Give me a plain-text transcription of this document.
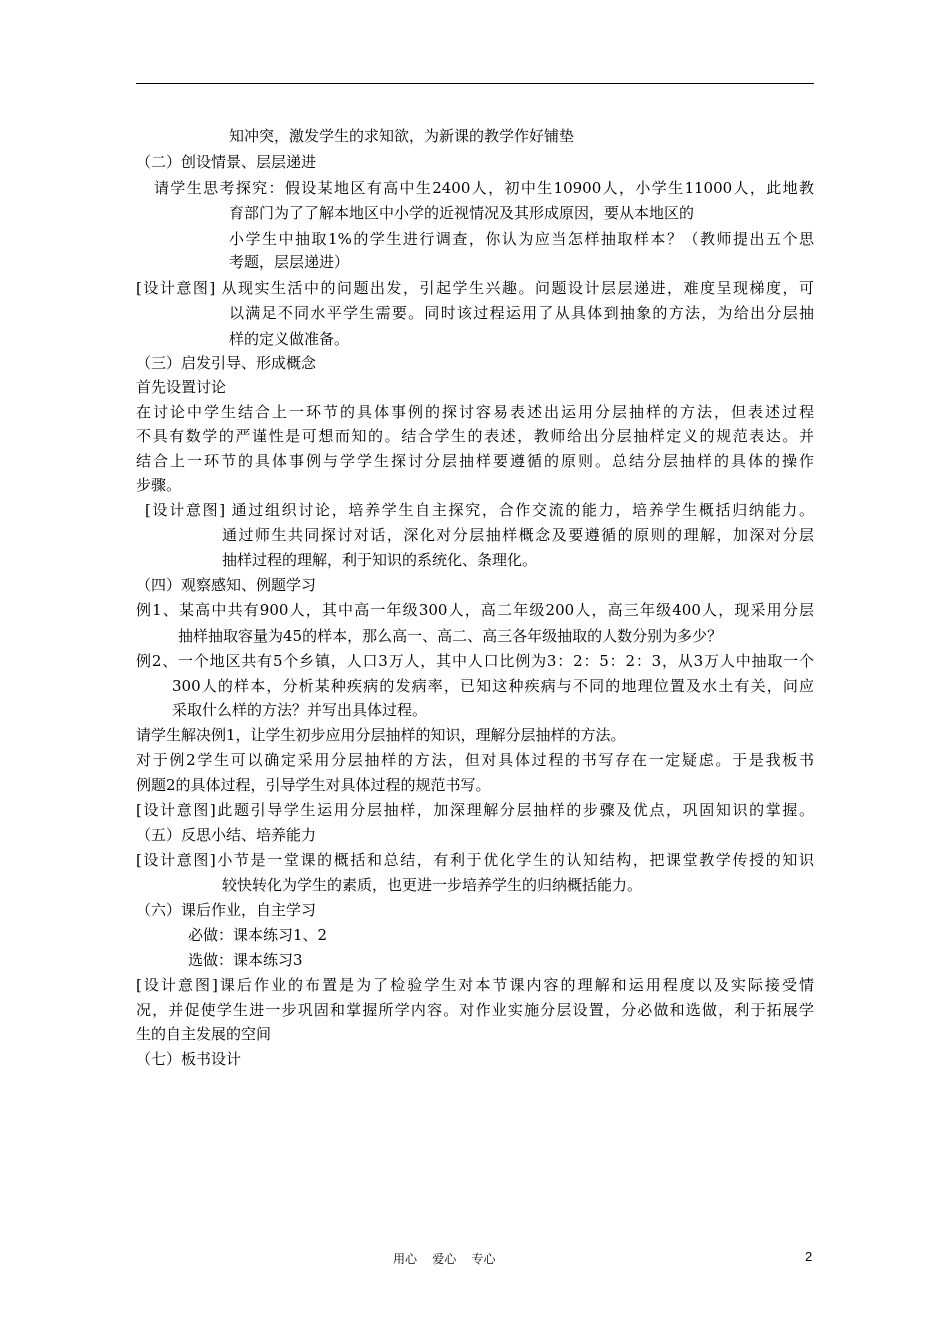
知冲突，激发学生的求知欲，为新课的教学作好铺垫
（二）创设情景、层层递进
请学生思考探究：假设某地区有高中生2400人，初中生10900人，小学生11000人，此地教
育部门为了了解本地区中小学的近视情况及其形成原因，要从本地区的
小学生中抽取1%的学生进行调查，你认为应当怎样抽取样本？（教师提出五个思
考题，层层递进）
[设计意图] 从现实生活中的问题出发，引起学生兴趣。问题设计层层递进，难度呈现梯度，可
以满足不同水平学生需要。同时该过程运用了从具体到抽象的方法，为给出分层抽
样的定义做准备。
（三）启发引导、形成概念
首先设置讨论
在讨论中学生结合上一环节的具体事例的探讨容易表述出运用分层抽样的方法，但表述过程
不具有数学的严谨性是可想而知的。结合学生的表述，教师给出分层抽样定义的规范表达。并
结合上一环节的具体事例与学学生探讨分层抽样要遵循的原则。总结分层抽样的具体的操作
步骤。
[设计意图] 通过组织讨论，培养学生自主探究，合作交流的能力，培养学生概括归纳能力。
通过师生共同探讨对话，深化对分层抽样概念及要遵循的原则的理解，加深对分层
抽样过程的理解，利于知识的系统化、条理化。
（四）观察感知、例题学习
例1、某高中共有900人，其中高一年级300人，高二年级200人，高三年级400人，现采用分层
抽样抽取容量为45的样本，那么高一、高二、高三各年级抽取的人数分别为多少？
例2、一个地区共有5个乡镇，人口3万人，其中人口比例为3：2：5：2：3，从3万人中抽取一个
300人的样本，分析某种疾病的发病率，已知这种疾病与不同的地理位置及水土有关，问应
采取什么样的方法？并写出具体过程。
请学生解决例1，让学生初步应用分层抽样的知识，理解分层抽样的方法。
对于例2学生可以确定采用分层抽样的方法，但对具体过程的书写存在一定疑虑。于是我板书
例题2的具体过程，引导学生对具体过程的规范书写。
[设计意图]此题引导学生运用分层抽样，加深理解分层抽样的步骤及优点，巩固知识的掌握。
（五）反思小结、培养能力
[设计意图]小节是一堂课的概括和总结，有利于优化学生的认知结构，把课堂教学传授的知识
较快转化为学生的素质，也更进一步培养学生的归纳概括能力。
（六）课后作业，自主学习
必做：课本练习1、2
选做：课本练习3
[设计意图]课后作业的布置是为了检验学生对本节课内容的理解和运用程度以及实际接受情
况，并促使学生进一步巩固和掌握所学内容。对作业实施分层设置，分必做和选做，利于拓展学
生的自主发展的空间
（七）板书设计
用心    爱心    专心	2
